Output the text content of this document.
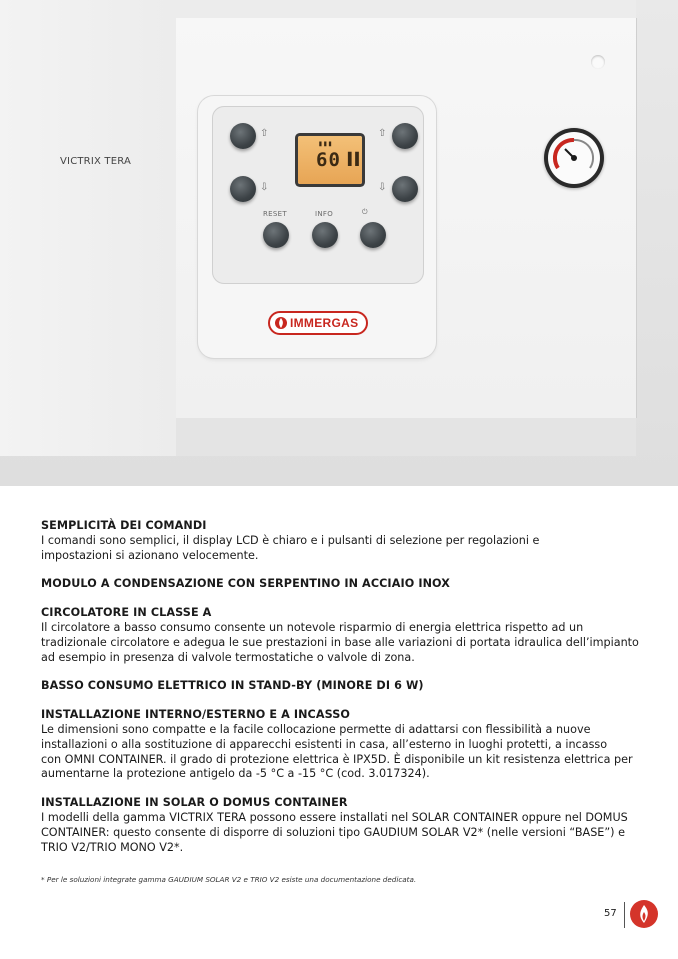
VICTRIX TERA
⇧
⇩
▮▮▮
60 ▌▌
⇧
⇩
RESET	INFO	⏻
IMMERGAS
SEMPLICITÀ DEI COMANDI

I comandi sono semplici, il display LCD è chiaro e i pulsanti di selezione per regolazioni e
impostazioni si azionano velocemente.

MODULO A CONDENSAZIONE CON SERPENTINO IN ACCIAIO INOX
CIRCOLATORE IN CLASSE A

Il circolatore a basso consumo consente un notevole risparmio di energia elettrica rispetto ad un
tradizionale circolatore e adegua le sue prestazioni in base alle variazioni di portata idraulica dell’impianto
ad esempio in presenza di valvole termostatiche o valvole di zona.

BASSO CONSUMO ELETTRICO IN STAND-BY (MINORE DI 6 W)
INSTALLAZIONE INTERNO/ESTERNO E A INCASSO

Le dimensioni sono compatte e la facile collocazione permette di adattarsi con flessibilità a nuove
installazioni o alla sostituzione di apparecchi esistenti in casa, all’esterno in luoghi protetti, a incasso
con OMNI CONTAINER. il grado di protezione elettrica è IPX5D. È disponibile un kit resistenza elettrica per
aumentarne la protezione antigelo da -5 °C a -15 °C (cod. 3.017324).

INSTALLAZIONE IN SOLAR O DOMUS CONTAINER

I modelli della gamma VICTRIX TERA possono essere installati nel SOLAR CONTAINER oppure nel DOMUS
CONTAINER: questo consente di disporre di soluzioni tipo GAUDIUM SOLAR V2* (nelle versioni “BASE”) e
TRIO V2/TRIO MONO V2*.

* Per le soluzioni integrate gamma GAUDIUM SOLAR V2 e TRIO V2 esiste una documentazione dedicata.
57
